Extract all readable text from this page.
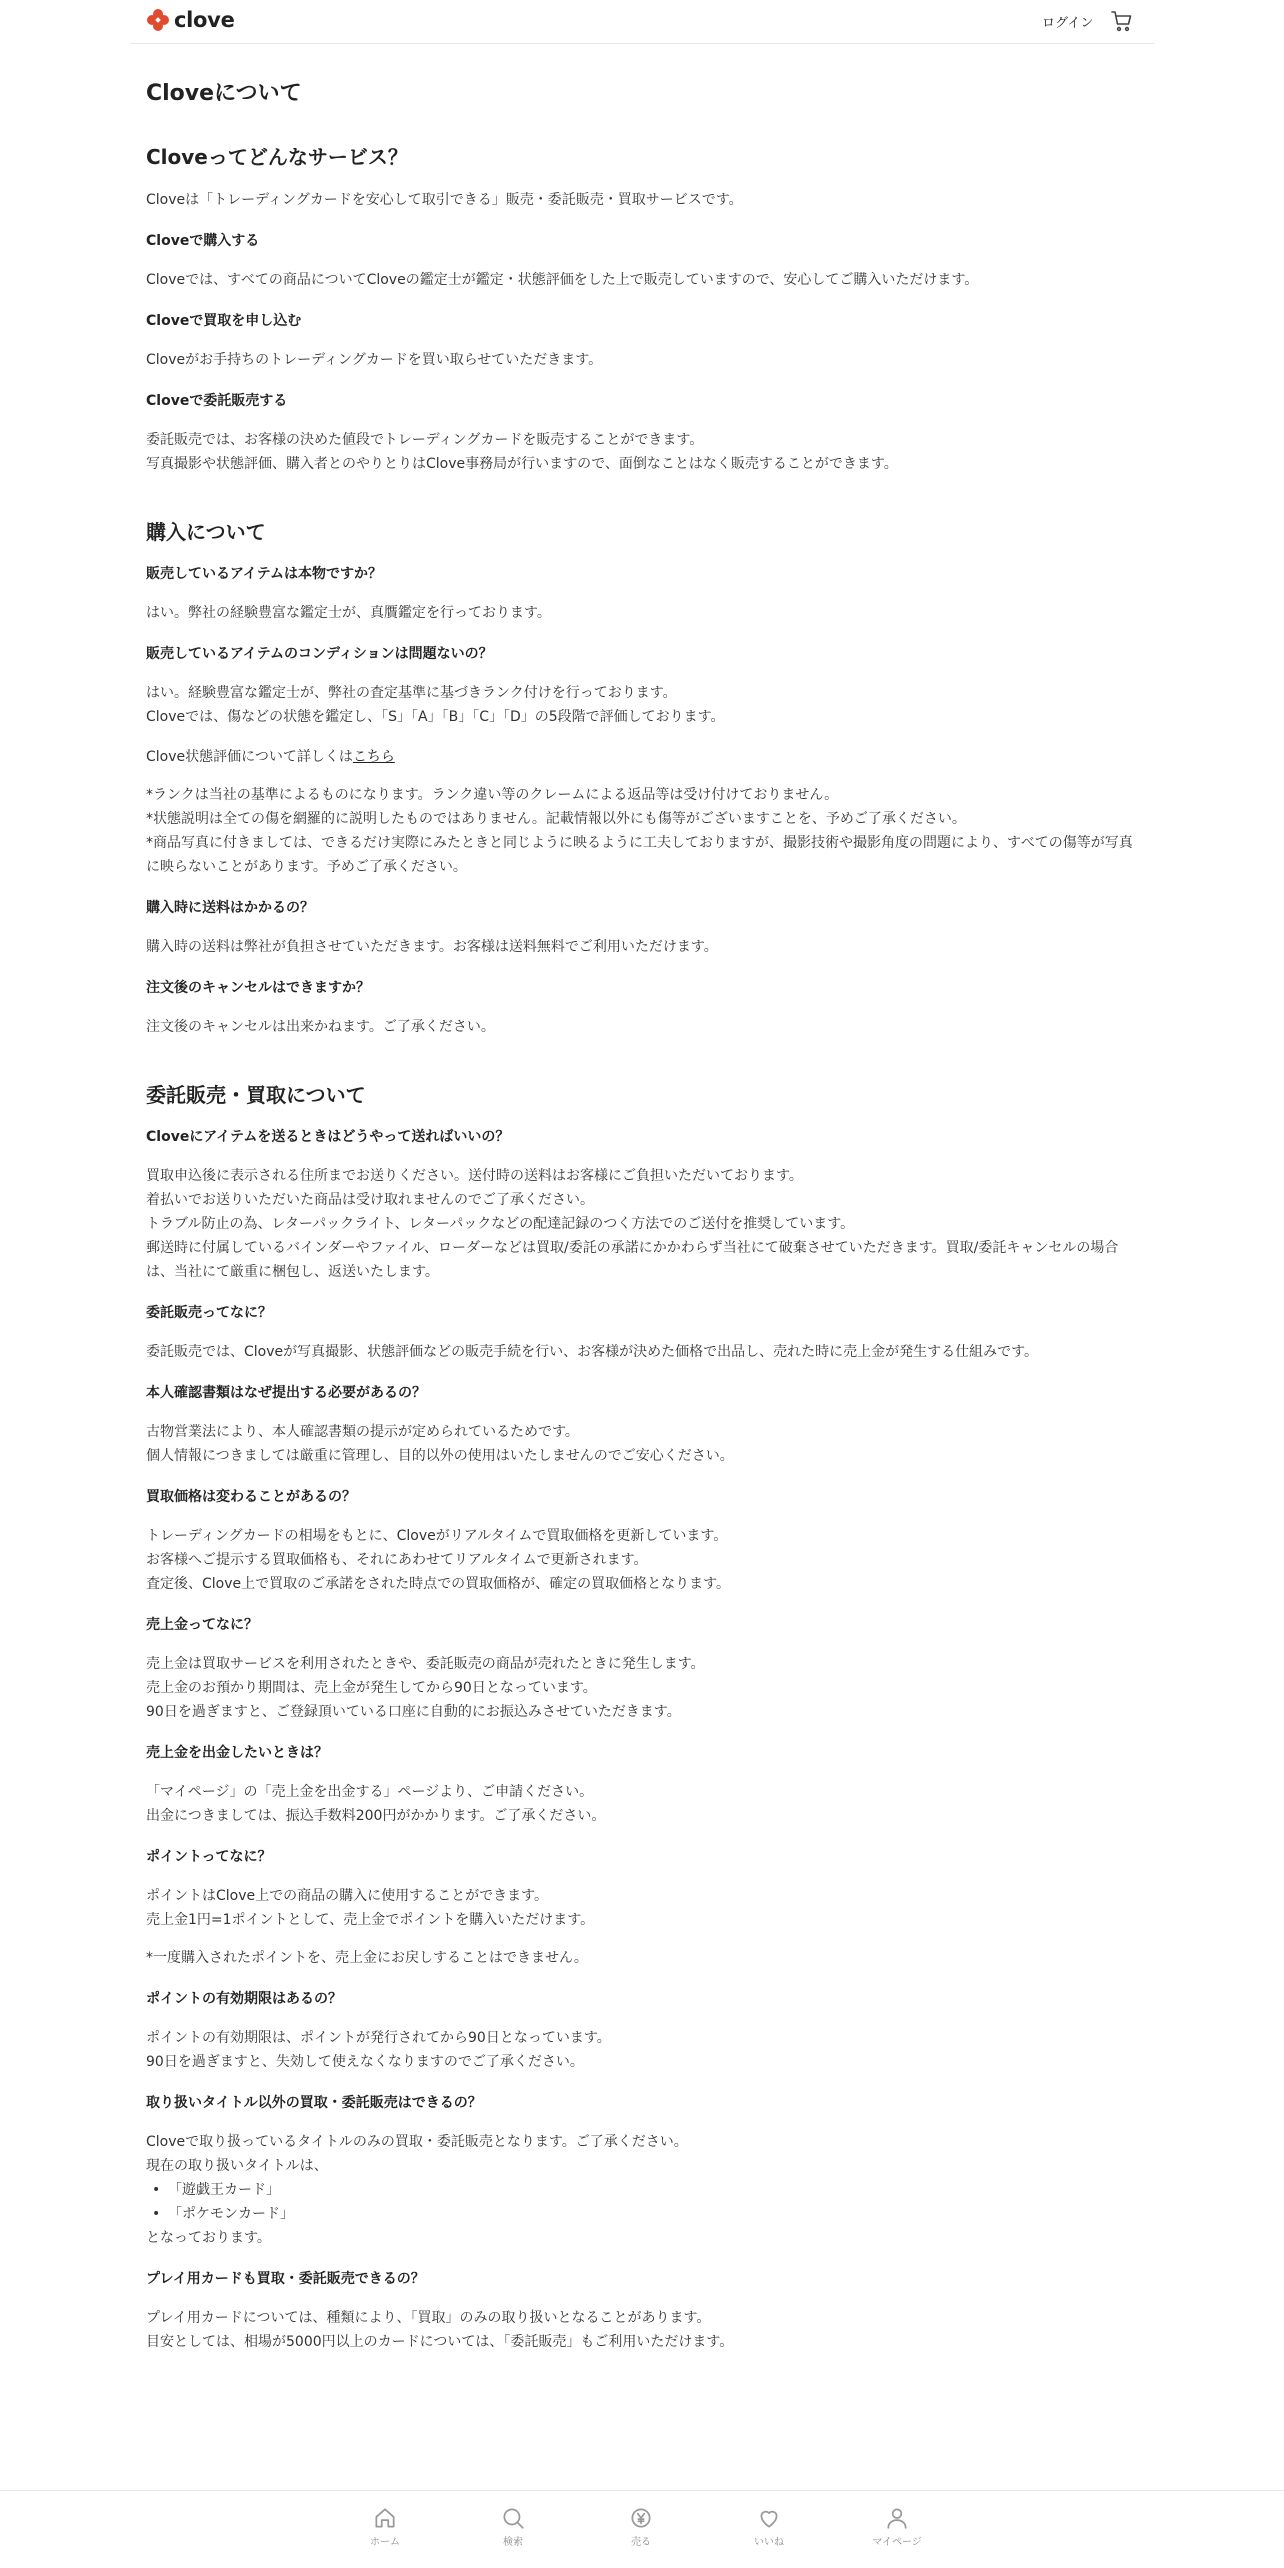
clove	ログイン
Cloveについて
Cloveってどんなサービス？

Cloveは「トレーディングカードを安心して取引できる」販売・委託販売・買取サービスです。

Cloveで購入する

Cloveでは、すべての商品についてCloveの鑑定士が鑑定・状態評価をした上で販売していますので、安心してご購入いただけます。

Cloveで買取を申し込む

Cloveがお手持ちのトレーディングカードを買い取らせていただきます。

Cloveで委託販売する

委託販売では、お客様の決めた値段でトレーディングカードを販売することができます。

写真撮影や状態評価、購入者とのやりとりはClove事務局が行いますので、面倒なことはなく販売することができます。

購入について
販売しているアイテムは本物ですか？

はい。弊社の経験豊富な鑑定士が、真贋鑑定を行っております。

販売しているアイテムのコンディションは問題ないの？

はい。経験豊富な鑑定士が、弊社の査定基準に基づきランク付けを行っております。

Cloveでは、傷などの状態を鑑定し、「S」「A」「B」「C」「D」の5段階で評価しております。

Clove状態評価について詳しくはこちら

*ランクは当社の基準によるものになります。ランク違い等のクレームによる返品等は受け付けておりません。

*状態説明は全ての傷を網羅的に説明したものではありません。記載情報以外にも傷等がございますことを、予めご了承ください。

*商品写真に付きましては、できるだけ実際にみたときと同じように映るように工夫しておりますが、撮影技術や撮影角度の問題により、すべての傷等が写真に映らないことがあります。予めご了承ください。

購入時に送料はかかるの？

購入時の送料は弊社が負担させていただきます。お客様は送料無料でご利用いただけます。

注文後のキャンセルはできますか？

注文後のキャンセルは出来かねます。ご了承ください。

委託販売・買取について
Cloveにアイテムを送るときはどうやって送ればいいの？

買取申込後に表示される住所までお送りください。送付時の送料はお客様にご負担いただいております。

着払いでお送りいただいた商品は受け取れませんのでご了承ください。

トラブル防止の為、レターパックライト、レターパックなどの配達記録のつく方法でのご送付を推奨しています。

郵送時に付属しているバインダーやファイル、ローダーなどは買取/委託の承諾にかかわらず当社にて破棄させていただきます。買取/委託キャンセルの場合は、当社にて厳重に梱包し、返送いたします。

委託販売ってなに？

委託販売では、Cloveが写真撮影、状態評価などの販売手続を行い、お客様が決めた価格で出品し、売れた時に売上金が発生する仕組みです。

本人確認書類はなぜ提出する必要があるの？

古物営業法により、本人確認書類の提示が定められているためです。

個人情報につきましては厳重に管理し、目的以外の使用はいたしませんのでご安心ください。

買取価格は変わることがあるの？

トレーディングカードの相場をもとに、Cloveがリアルタイムで買取価格を更新しています。

お客様へご提示する買取価格も、それにあわせてリアルタイムで更新されます。

査定後、Clove上で買取のご承諾をされた時点での買取価格が、確定の買取価格となります。

売上金ってなに？

売上金は買取サービスを利用されたときや、委託販売の商品が売れたときに発生します。

売上金のお預かり期間は、売上金が発生してから90日となっています。

90日を過ぎますと、ご登録頂いている口座に自動的にお振込みさせていただきます。

売上金を出金したいときは？

「マイページ」の「売上金を出金する」ページより、ご申請ください。

出金につきましては、振込手数料200円がかかります。ご了承ください。

ポイントってなに？

ポイントはClove上での商品の購入に使用することができます。

売上金1円=1ポイントとして、売上金でポイントを購入いただけます。

*一度購入されたポイントを、売上金にお戻しすることはできません。

ポイントの有効期限はあるの？

ポイントの有効期限は、ポイントが発行されてから90日となっています。

90日を過ぎますと、失効して使えなくなりますのでご了承ください。

取り扱いタイトル以外の買取・委託販売はできるの？

Cloveで取り扱っているタイトルのみの買取・委託販売となります。ご了承ください。

現在の取り扱いタイトルは、

• 「遊戯王カード」
• 「ポケモンカード」

となっております。

プレイ用カードも買取・委託販売できるの？

プレイ用カードについては、種類により、「買取」のみの取り扱いとなることがあります。

目安としては、相場が5000円以上のカードについては、「委託販売」もご利用いただけます。

ホーム	検索	売る	いいね	マイページ
